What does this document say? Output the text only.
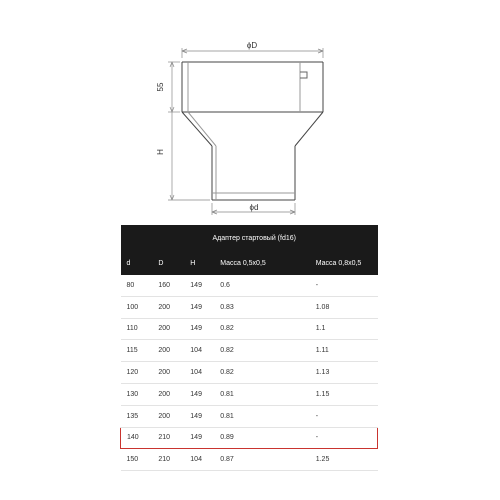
ϕD
ϕd
55
H
Адаптер стартовый (fd16)				
d	D	H	Масса 0,5x0,5	Масса 0,8x0,5
80	160	149	0.6	-
100	200	149	0.83	1.08
110	200	149	0.82	1.1
115	200	104	0.82	1.11
120	200	104	0.82	1.13
130	200	149	0.81	1.15
135	200	149	0.81	-
140	210	149	0.89	-
150	210	104	0.87	1.25
